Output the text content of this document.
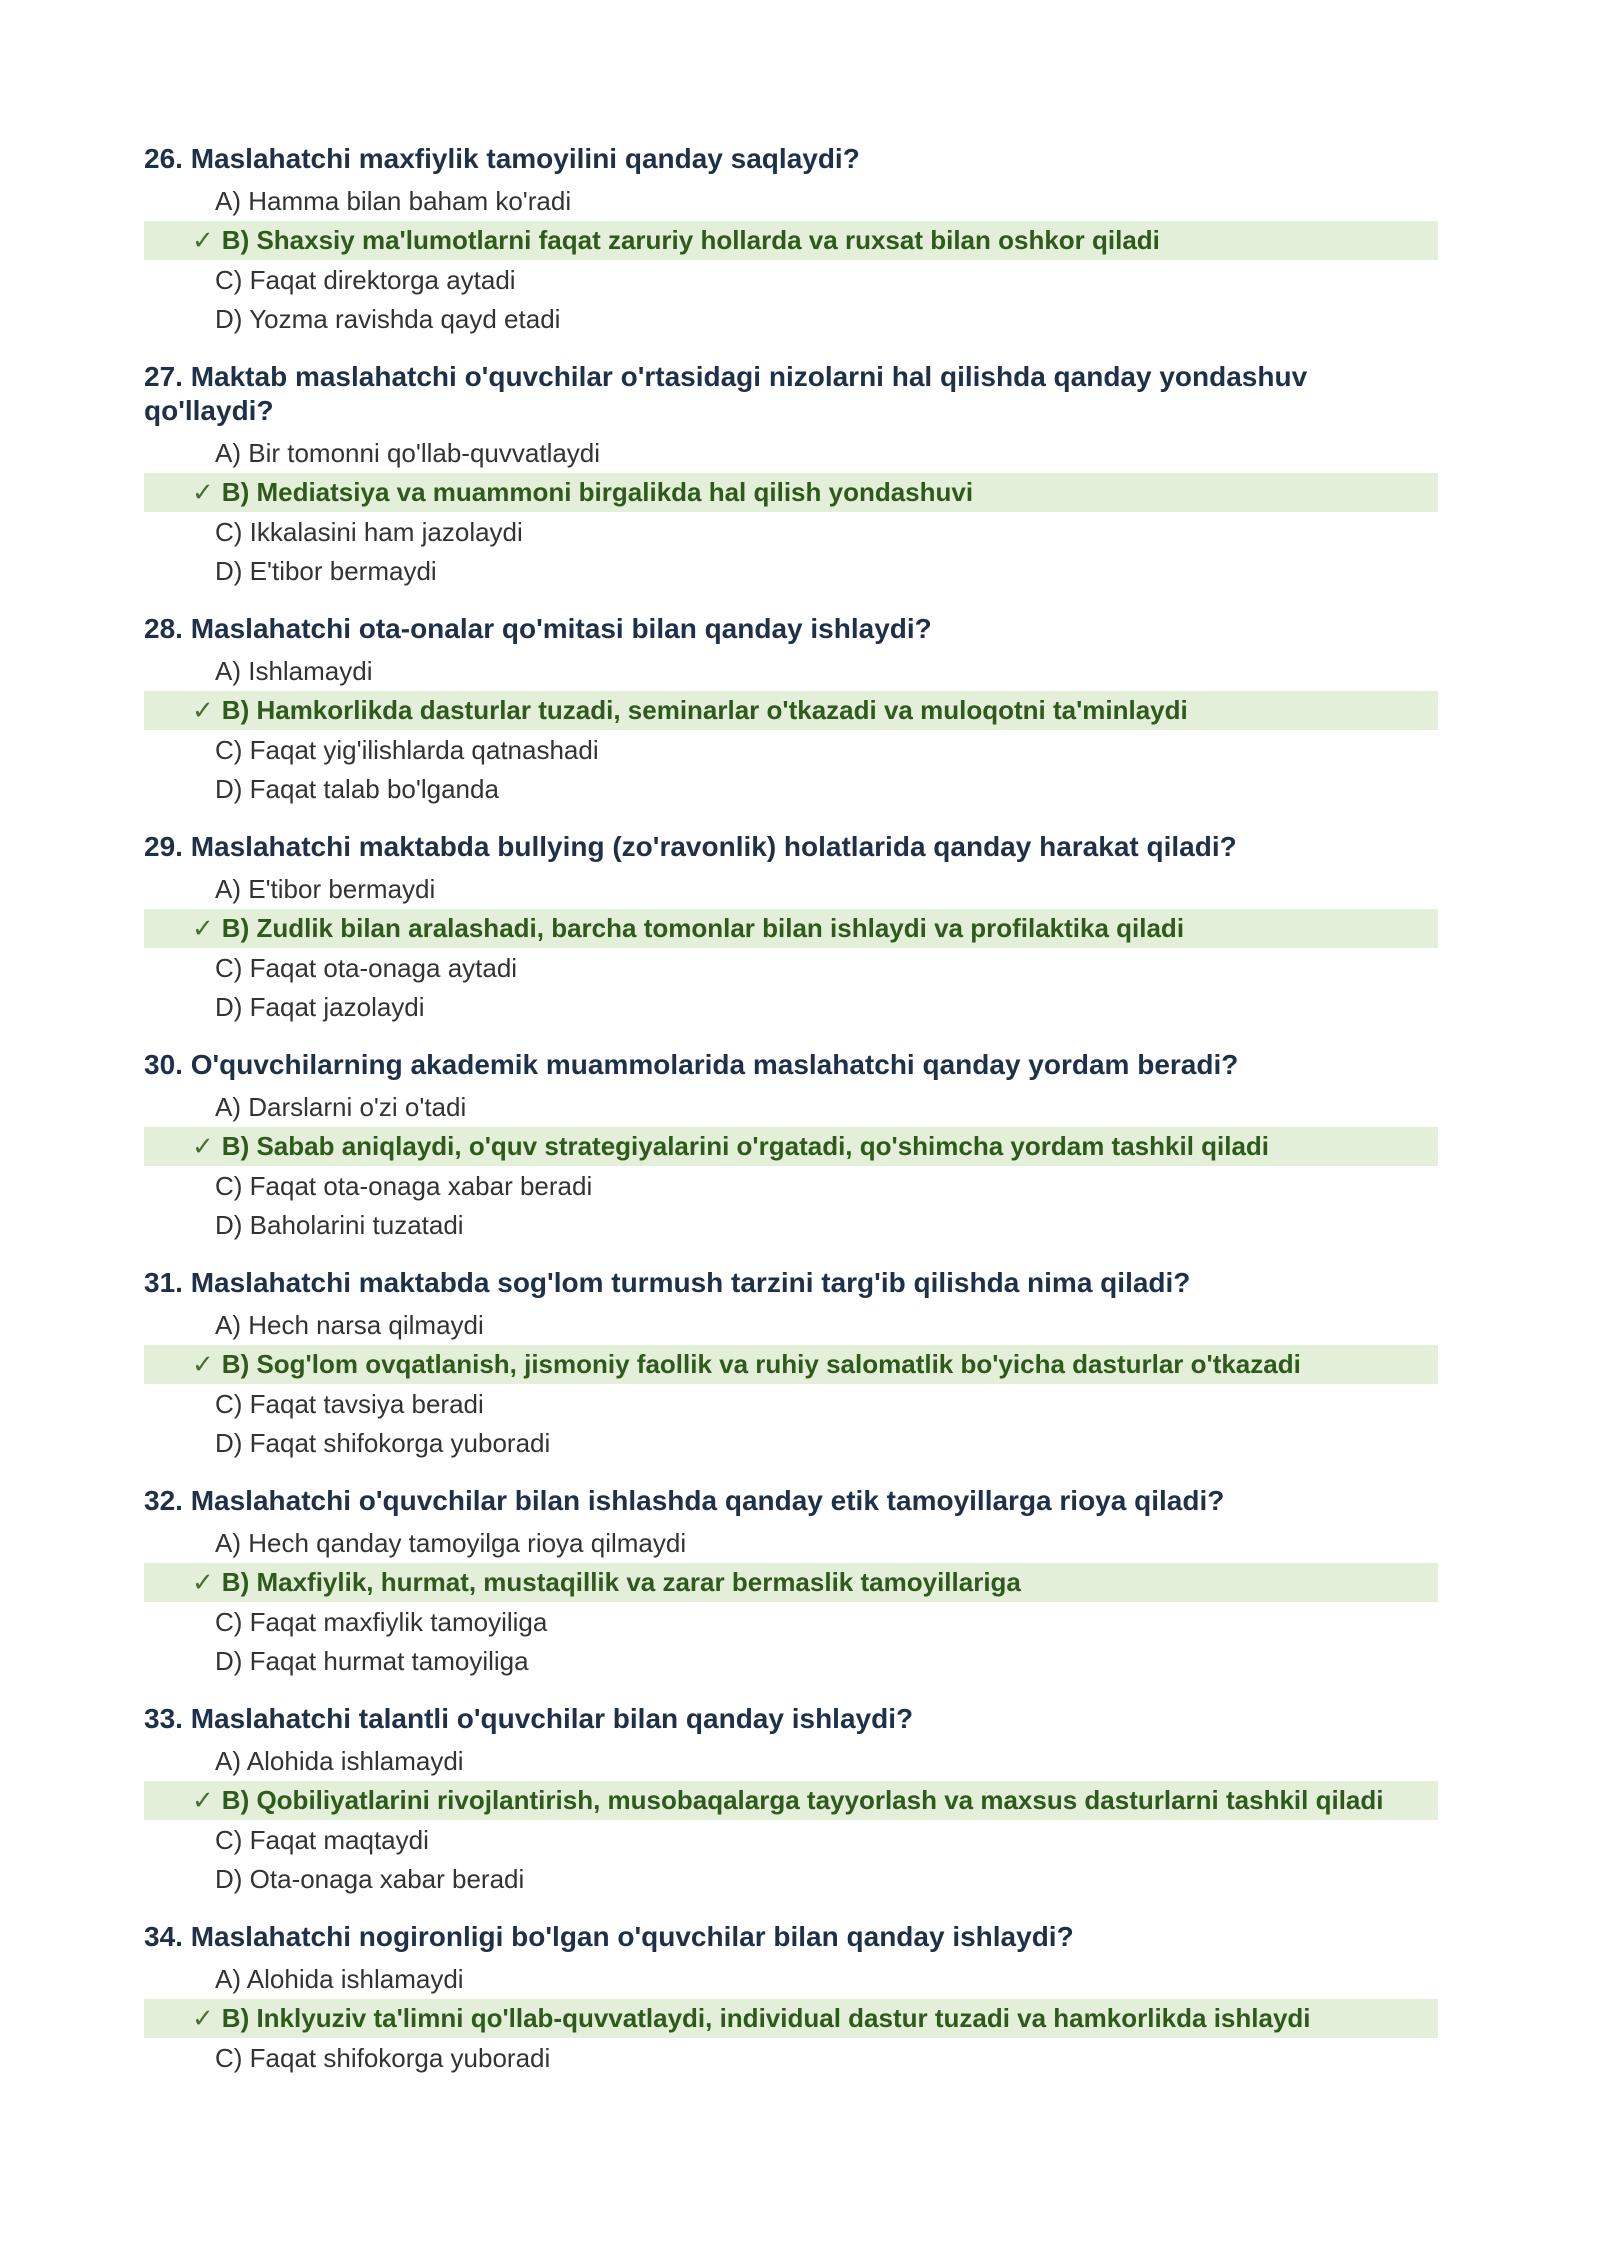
26. Maslahatchi maxfiylik tamoyilini qanday saqlaydi?
A) Hamma bilan baham ko'radi
✓ B) Shaxsiy ma'lumotlarni faqat zaruriy hollarda va ruxsat bilan oshkor qiladi
C) Faqat direktorga aytadi
D) Yozma ravishda qayd etadi
27. Maktab maslahatchi o'quvchilar o'rtasidagi nizolarni hal qilishda qanday yondashuv qo'llaydi?
A) Bir tomonni qo'llab-quvvatlaydi
✓ B) Mediatsiya va muammoni birgalikda hal qilish yondashuvi
C) Ikkalasini ham jazolaydi
D) E'tibor bermaydi
28. Maslahatchi ota-onalar qo'mitasi bilan qanday ishlaydi?
A) Ishlamaydi
✓ B) Hamkorlikda dasturlar tuzadi, seminarlar o'tkazadi va muloqotni ta'minlaydi
C) Faqat yig'ilishlarda qatnashadi
D) Faqat talab bo'lganda
29. Maslahatchi maktabda bullying (zo'ravonlik) holatlarida qanday harakat qiladi?
A) E'tibor bermaydi
✓ B) Zudlik bilan aralashadi, barcha tomonlar bilan ishlaydi va profilaktika qiladi
C) Faqat ota-onaga aytadi
D) Faqat jazolaydi
30. O'quvchilarning akademik muammolarida maslahatchi qanday yordam beradi?
A) Darslarni o'zi o'tadi
✓ B) Sabab aniqlaydi, o'quv strategiyalarini o'rgatadi, qo'shimcha yordam tashkil qiladi
C) Faqat ota-onaga xabar beradi
D) Baholarini tuzatadi
31. Maslahatchi maktabda sog'lom turmush tarzini targ'ib qilishda nima qiladi?
A) Hech narsa qilmaydi
✓ B) Sog'lom ovqatlanish, jismoniy faollik va ruhiy salomatlik bo'yicha dasturlar o'tkazadi
C) Faqat tavsiya beradi
D) Faqat shifokorga yuboradi
32. Maslahatchi o'quvchilar bilan ishlashda qanday etik tamoyillarga rioya qiladi?
A) Hech qanday tamoyilga rioya qilmaydi
✓ B) Maxfiylik, hurmat, mustaqillik va zarar bermaslik tamoyillariga
C) Faqat maxfiylik tamoyiliga
D) Faqat hurmat tamoyiliga
33. Maslahatchi talantli o'quvchilar bilan qanday ishlaydi?
A) Alohida ishlamaydi
✓ B) Qobiliyatlarini rivojlantirish, musobaqalarga tayyorlash va maxsus dasturlarni tashkil qiladi
C) Faqat maqtaydi
D) Ota-onaga xabar beradi
34. Maslahatchi nogironligi bo'lgan o'quvchilar bilan qanday ishlaydi?
A) Alohida ishlamaydi
✓ B) Inklyuziv ta'limni qo'llab-quvvatlaydi, individual dastur tuzadi va hamkorlikda ishlaydi
C) Faqat shifokorga yuboradi
